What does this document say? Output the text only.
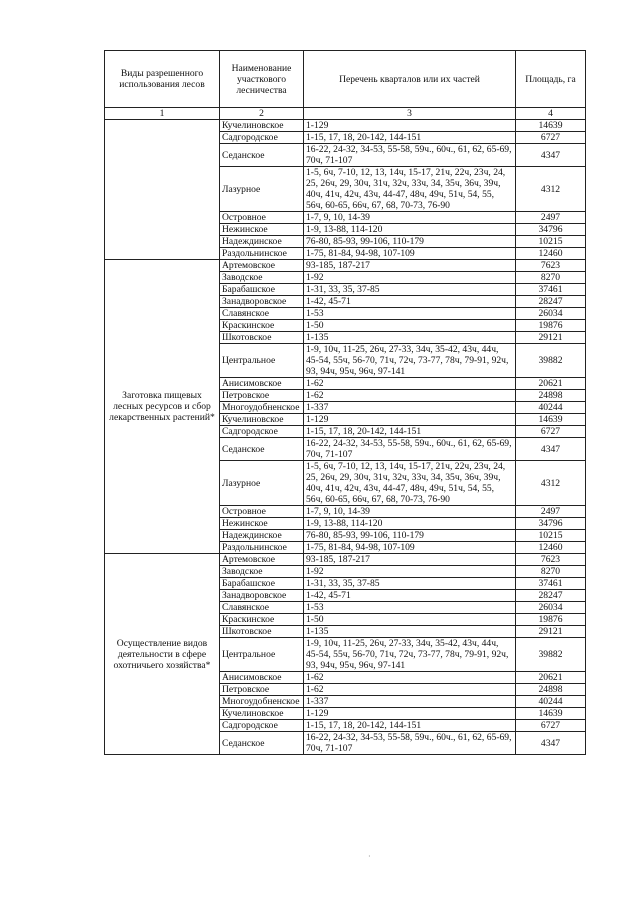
Виды разрешенного использования лесов	Наименование участкового лесничества	Перечень кварталов или их частей	Площадь, га
1	2	3	4
	Кучелиновское	1-129	14639
	Садгородское	1-15, 17, 18, 20-142, 144-151	6727
	Седанское	16-22, 24-32, 34-53, 55-58, 59ч., 60ч., 61, 62, 65-69, 70ч, 71-107	4347
	Лазурное	1-5, 6ч, 7-10, 12, 13, 14ч, 15-17, 21ч, 22ч, 23ч, 24, 25, 26ч, 29, 30ч, 31ч, 32ч, 33ч, 34, 35ч, 36ч, 39ч, 40ч, 41ч, 42ч, 43ч, 44-47, 48ч, 49ч, 51ч, 54, 55, 56ч, 60-65, 66ч, 67, 68, 70-73, 76-90	4312
	Островное	1-7, 9, 10, 14-39	2497
	Нежинское	1-9, 13-88, 114-120	34796
	Надеждинское	76-80, 85-93, 99-106, 110-179	10215
	Раздольнинское	1-75, 81-84, 94-98, 107-109	12460
Заготовка пищевых лесных ресурсов и сбор лекарственных растений*	Артемовское	93-185, 187-217	7623
	Заводское	1-92	8270
	Барабашское	1-31, 33, 35, 37-85	37461
	Занадворовское	1-42, 45-71	28247
	Славянское	1-53	26034
	Краскинское	1-50	19876
	Шкотовское	1-135	29121
	Центральное	1-9, 10ч, 11-25, 26ч, 27-33, 34ч, 35-42, 43ч, 44ч, 45-54, 55ч, 56-70, 71ч, 72ч, 73-77, 78ч, 79-91, 92ч, 93, 94ч, 95ч, 96ч, 97-141	39882
	Анисимовское	1-62	20621
	Петровское	1-62	24898
	Многоудобненское	1-337	40244
	Кучелиновское	1-129	14639
	Садгородское	1-15, 17, 18, 20-142, 144-151	6727
	Седанское	16-22, 24-32, 34-53, 55-58, 59ч., 60ч., 61, 62, 65-69, 70ч, 71-107	4347
	Лазурное	1-5, 6ч, 7-10, 12, 13, 14ч, 15-17, 21ч, 22ч, 23ч, 24, 25, 26ч, 29, 30ч, 31ч, 32ч, 33ч, 34, 35ч, 36ч, 39ч, 40ч, 41ч, 42ч, 43ч, 44-47, 48ч, 49ч, 51ч, 54, 55, 56ч, 60-65, 66ч, 67, 68, 70-73, 76-90	4312
	Островное	1-7, 9, 10, 14-39	2497
	Нежинское	1-9, 13-88, 114-120	34796
	Надеждинское	76-80, 85-93, 99-106, 110-179	10215
	Раздольнинское	1-75, 81-84, 94-98, 107-109	12460
Осуществление видов деятельности в сфере охотничьего хозяйства*	Артемовское	93-185, 187-217	7623
	Заводское	1-92	8270
	Барабашское	1-31, 33, 35, 37-85	37461
	Занадворовское	1-42, 45-71	28247
	Славянское	1-53	26034
	Краскинское	1-50	19876
	Шкотовское	1-135	29121
	Центральное	1-9, 10ч, 11-25, 26ч, 27-33, 34ч, 35-42, 43ч, 44ч, 45-54, 55ч, 56-70, 71ч, 72ч, 73-77, 78ч, 79-91, 92ч, 93, 94ч, 95ч, 96ч, 97-141	39882
	Анисимовское	1-62	20621
	Петровское	1-62	24898
	Многоудобненское	1-337	40244
	Кучелиновское	1-129	14639
	Садгородское	1-15, 17, 18, 20-142, 144-151	6727
	Седанское	16-22, 24-32, 34-53, 55-58, 59ч., 60ч., 61, 62, 65-69, 70ч, 71-107	4347
·
